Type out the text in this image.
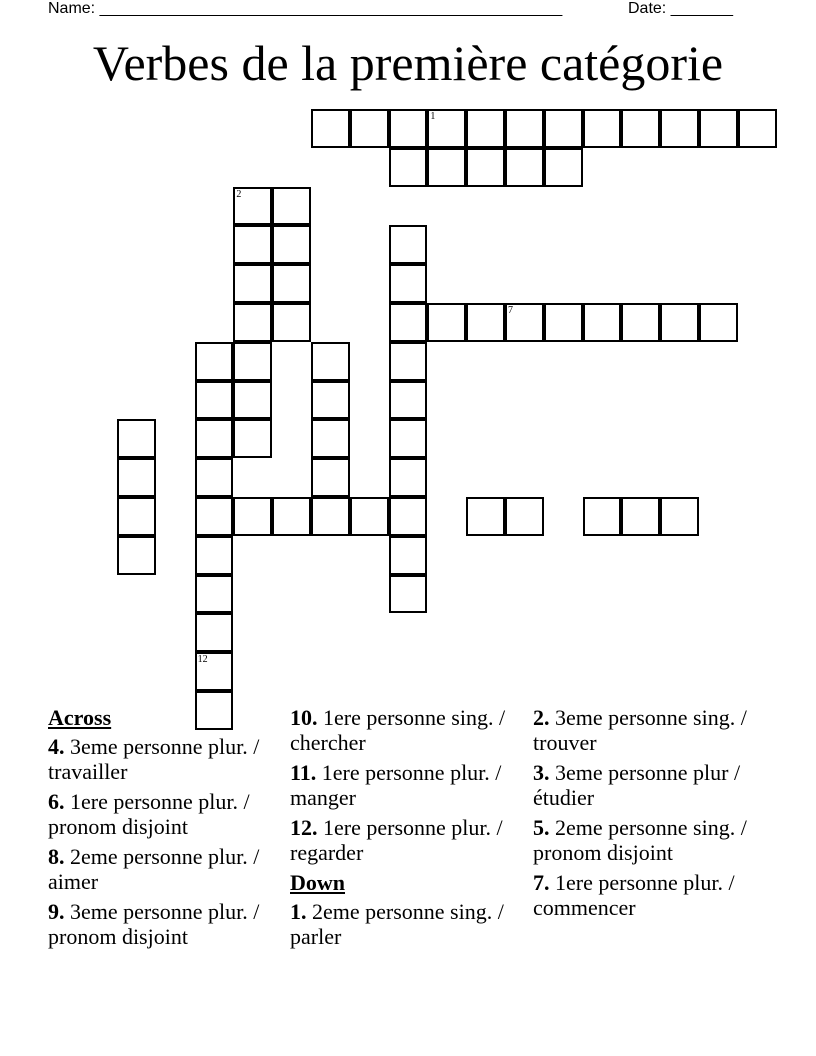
Name: ____________________________________________________	Date: _______
Verbes de la première catégorie
2
12
7
1
Across
4. 3eme personne plur. / travailler
6. 1ere personne plur. / pronom disjoint
8. 2eme personne plur. / aimer
9. 3eme personne plur. / pronom disjoint
10. 1ere personne sing. / chercher
11. 1ere personne plur. / manger
12. 1ere personne plur. / regarder
Down
1. 2eme personne sing. / parler
2. 3eme personne sing. / trouver
3. 3eme personne plur / étudier
5. 2eme personne sing. / pronom disjoint
7. 1ere personne plur. / commencer
